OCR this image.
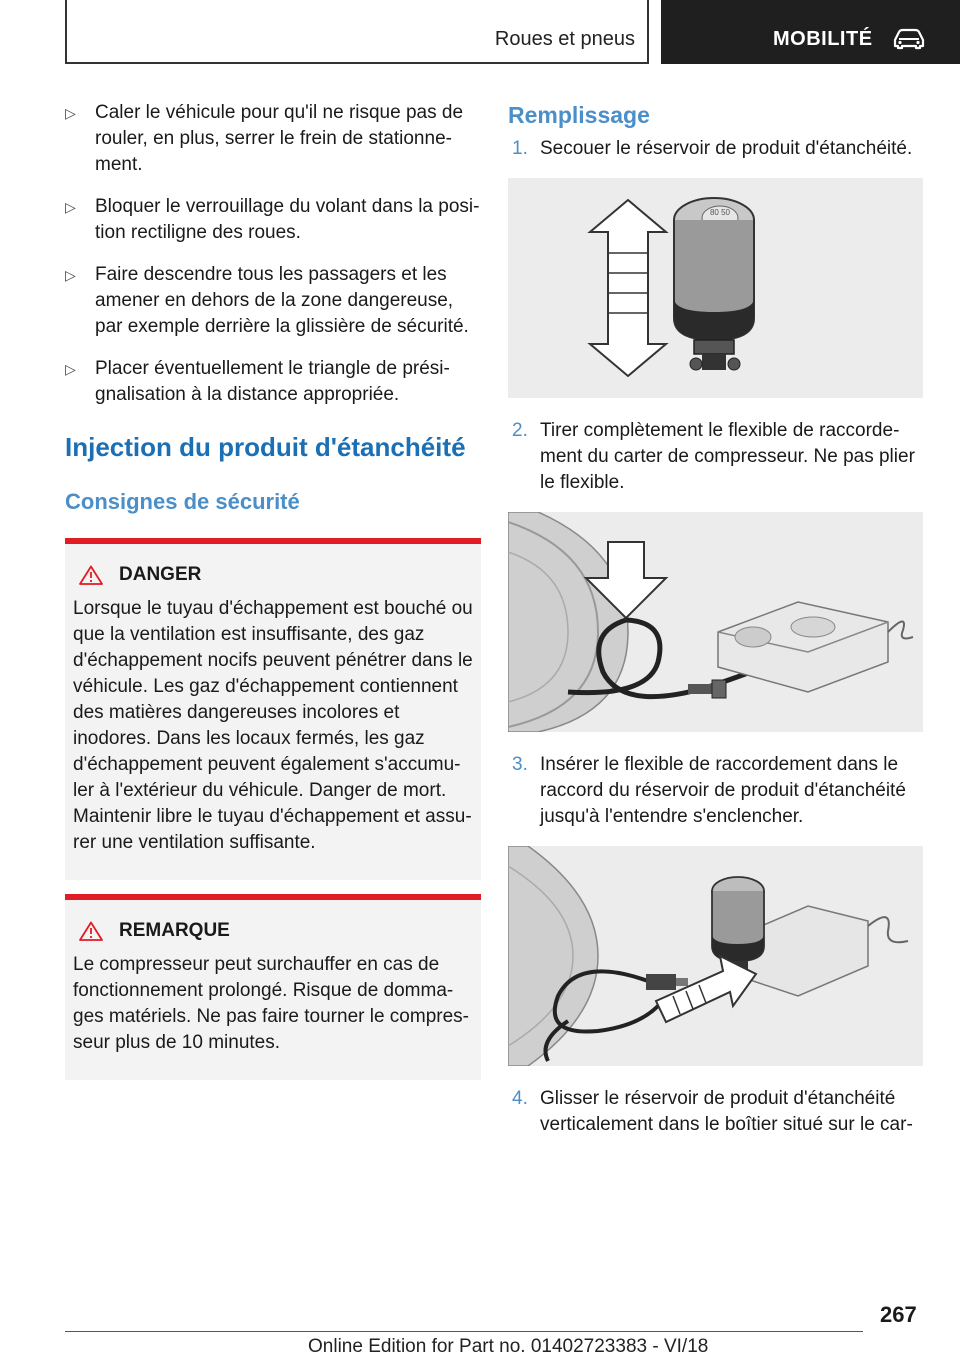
Roues et pneus	MOBILITÉ
▷ Caler le véhicule pour qu'il ne risque pas de rouler, en plus, serrer le frein de stationnement.
▷ Bloquer le verrouillage du volant dans la position rectiligne des roues.
▷ Faire descendre tous les passagers et les amener en dehors de la zone dangereuse, par exemple derrière la glissière de sécurité.
▷ Placer éventuellement le triangle de présignalisation à la distance appropriée.
Injection du produit d'étanchéité
Consignes de sécurité
DANGER

Lorsque le tuyau d'échappement est bouché ou que la ventilation est insuffisante, des gaz d'échappement nocifs peuvent pénétrer dans le véhicule. Les gaz d'échappement contiennent des matières dangereuses incolores et inodores. Dans les locaux fermés, les gaz d'échappement peuvent également s'accumuler à l'extérieur du véhicule. Danger de mort. Maintenir libre le tuyau d'échappement et assurer une ventilation suffisante.

REMARQUE

Le compresseur peut surchauffer en cas de fonctionnement prolongé. Risque de dommages matériels. Ne pas faire tourner le compresseur plus de 10 minutes.

Remplissage
1. Secouer le réservoir de produit d'étanchéité.
80 50
2. Tirer complètement le flexible de raccordement du carter de compresseur. Ne pas plier le flexible.
3. Insérer le flexible de raccordement dans le raccord du réservoir de produit d'étanchéité jusqu'à l'entendre s'enclencher.
4. Glisser le réservoir de produit d'étanchéité verticalement dans le boîtier situé sur le car-
267
Online Edition for Part no. 01402723383 - VI/18
